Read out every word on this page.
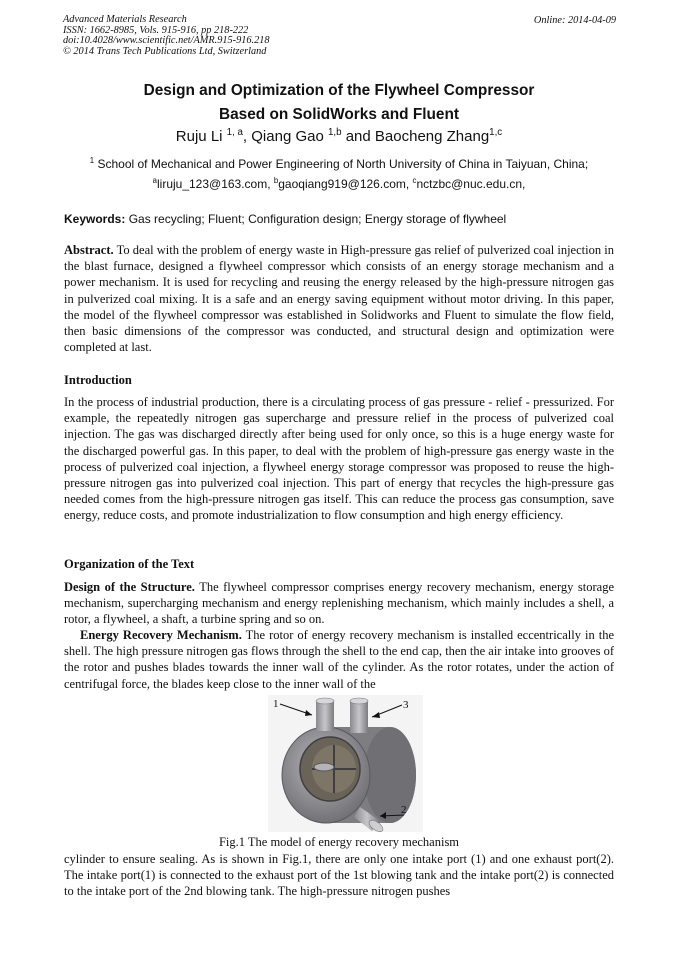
Advanced Materials Research
ISSN: 1662-8985, Vols. 915-916, pp 218-222
doi:10.4028/www.scientific.net/AMR.915-916.218
© 2014 Trans Tech Publications Ltd, Switzerland
Online: 2014-04-09
Design and Optimization of the Flywheel Compressor
Based on SolidWorks and Fluent
Ruju Li $^{1, a}$, Qiang Gao $^{1,b}$ and Baocheng Zhang$^{1,c}$
$^1$ School of Mechanical and Power Engineering of North University of China in Taiyuan, China;
$^a$liruju_123@163.com, $^b$gaoqiang919@126.com, $^c$nctzbc@nuc.edu.cn,
Keywords: Gas recycling; Fluent; Configuration design; Energy storage of flywheel
Abstract. To deal with the problem of energy waste in High-pressure gas relief of pulverized coal injection in the blast furnace, designed a flywheel compressor which consists of an energy storage mechanism and a power mechanism. It is used for recycling and reusing the energy released by the high-pressure nitrogen gas in pulverized coal mixing. It is a safe and an energy saving equipment without motor driving. In this paper, the model of the flywheel compressor was established in Solidworks and Fluent to simulate the flow field, then basic dimensions of the compressor was conducted, and structural design and optimization were completed at last.
Introduction
In the process of industrial production, there is a circulating process of gas pressure - relief - pressurized. For example, the repeatedly nitrogen gas supercharge and pressure relief in the process of pulverized coal injection. The gas was discharged directly after being used for only once, so this is a huge energy waste for the discharged powerful gas. In this paper, to deal with the problem of high-pressure gas energy waste in the process of pulverized coal injection, a flywheel energy storage compressor was proposed to reuse the high-pressure nitrogen gas into pulverized coal injection. This part of energy that recycles the high-pressure gas needed comes from the high-pressure nitrogen gas itself. This can reduce the process gas consumption, save energy, reduce costs, and promote industrialization to flow consumption and high energy efficiency.
Organization of the Text
Design of the Structure. The flywheel compressor comprises energy recovery mechanism, energy storage mechanism, supercharging mechanism and energy replenishing mechanism, which mainly includes a shell, a rotor, a flywheel, a shaft, a turbine spring and so on.
Energy Recovery Mechanism. The rotor of energy recovery mechanism is installed eccentrically in the shell. The high pressure nitrogen gas flows through the shell to the end cap, then the air intake into grooves of the rotor and pushes blades towards the inner wall of the cylinder. As the rotor rotates, under the action of centrifugal force, the blades keep close to the inner wall of the
1	3
2
Fig.1 The model of energy recovery mechanism
cylinder to ensure sealing. As is shown in Fig.1, there are only one intake port (1) and one exhaust port(2). The intake port(1) is connected to the exhaust port of the 1st blowing tank and the intake port(2) is connected to the intake port of the 2nd blowing tank. The high-pressure nitrogen pushes
